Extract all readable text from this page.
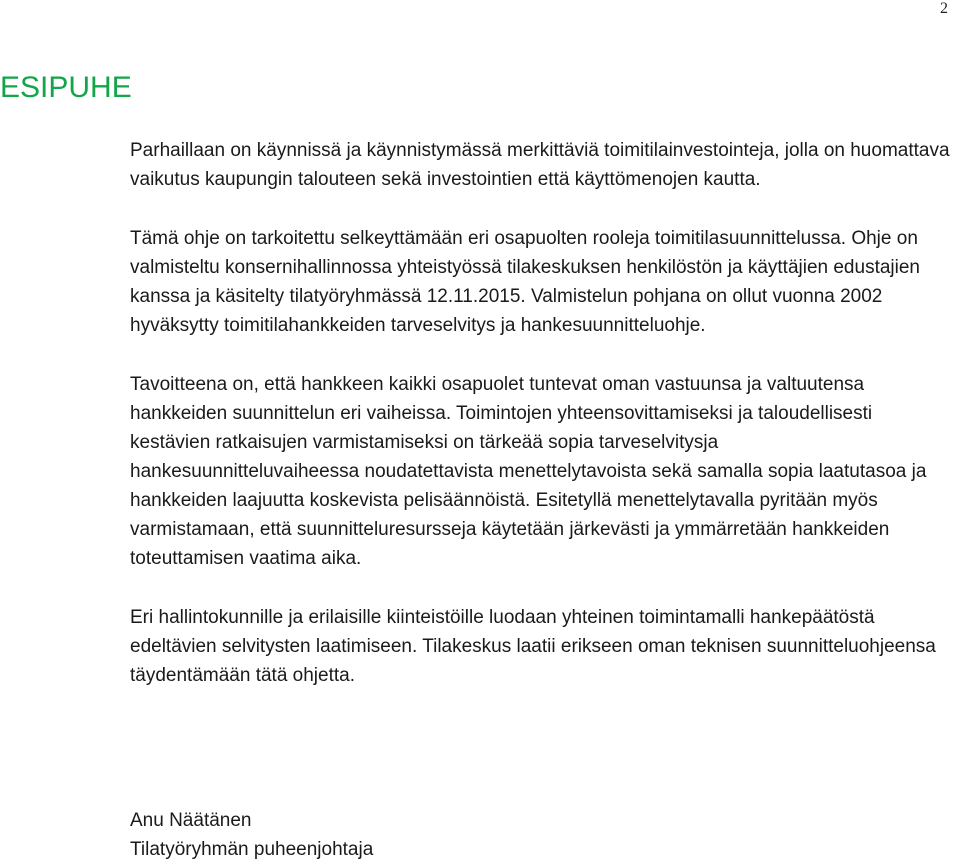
2
ESIPUHE

Parhaillaan on käynnissä ja käynnistymässä merkittäviä toimitilainvestointeja, jolla on huomattava vaikutus kaupungin talouteen sekä investointien että käyttömenojen kautta.

Tämä ohje on tarkoitettu selkeyttämään eri osapuolten rooleja toimitilasuunnittelussa. Ohje on valmisteltu konsernihallinnossa yhteistyössä tilakeskuksen henkilöstön ja käyttäjien edustajien kanssa ja käsitelty tilatyöryhmässä 12.11.2015. Valmistelun pohjana on ollut vuonna 2002 hyväksytty toimitilahankkeiden tarveselvitys ja hankesuunnitteluohje.

Tavoitteena on, että hankkeen kaikki osapuolet tuntevat oman vastuunsa ja valtuutensa hankkeiden suunnittelun eri vaiheissa. Toimintojen yhteensovittamiseksi ja taloudellisesti kestävien ratkaisujen varmistamiseksi on tärkeää sopia tarveselvitysja hankesuunnitteluvaiheessa noudatettavista menettelytavoista sekä samalla sopia laatutasoa ja hankkeiden laajuutta koskevista pelisäännöistä. Esitetyllä menettelytavalla pyritään myös varmistamaan, että suunnitteluresursseja käytetään järkevästi ja ymmärretään hankkeiden toteuttamisen vaatima aika.

Eri hallintokunnille ja erilaisille kiinteistöille luodaan yhteinen toimintamalli hankepäätöstä edeltävien selvitysten laatimiseen. Tilakeskus laatii erikseen oman teknisen suunnitteluohjeensa täydentämään tätä ohjetta.

Anu Näätänen
Tilatyöryhmän puheenjohtaja
